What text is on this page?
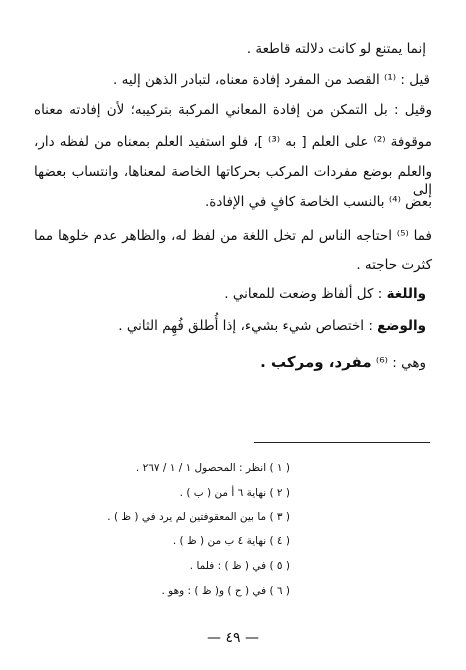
إنما يمتنع لو كانت دلالته قاطعة .
قيل : ⁽¹⁾ القصد من المفرد إفادة معناه، لتبادر الذهن إليه .
وقيل : بل التمكن من إفادة المعاني المركبة بتركيبه؛ لأن إفادته معناه
موقوفة ⁽²⁾ على العلم [ به ⁽³⁾ ]، فلو استفيد العلم بمعناه من لفظه دار،
والعلم بوضع مفردات المركب بحركاتها الخاصة لمعناها، وانتساب بعضها إلى
بعض ⁽⁴⁾ بالنسب الخاصة كافٍ في الإفادة.
فما ⁽⁵⁾ احتاجه الناس لم تخل اللغة من لفظ له، والظاهر عدم خلوها مما
كثرت حاجته .
واللغة : كل ألفاظ وضعت للمعاني .
والوضع : اختصاص شيء بشيء، إذا أُطلق فُهِم الثاني .
وهي : ⁽⁶⁾ مفرد، ومركب .
( ١ ) انظر : المحصول ١ / ١ / ٢٦٧ .
( ٢ ) نهاية ٦ أ من ( ب ) .
( ٣ ) ما بين المعقوفتين لم يرد في ( ظ ) .
( ٤ ) نهاية ٤ ب من ( ظ ) .
( ٥ ) في ( ظ ) : فلما .
( ٦ ) في ( ح ) و( ظ ) : وهو .
— ٤٩ —
